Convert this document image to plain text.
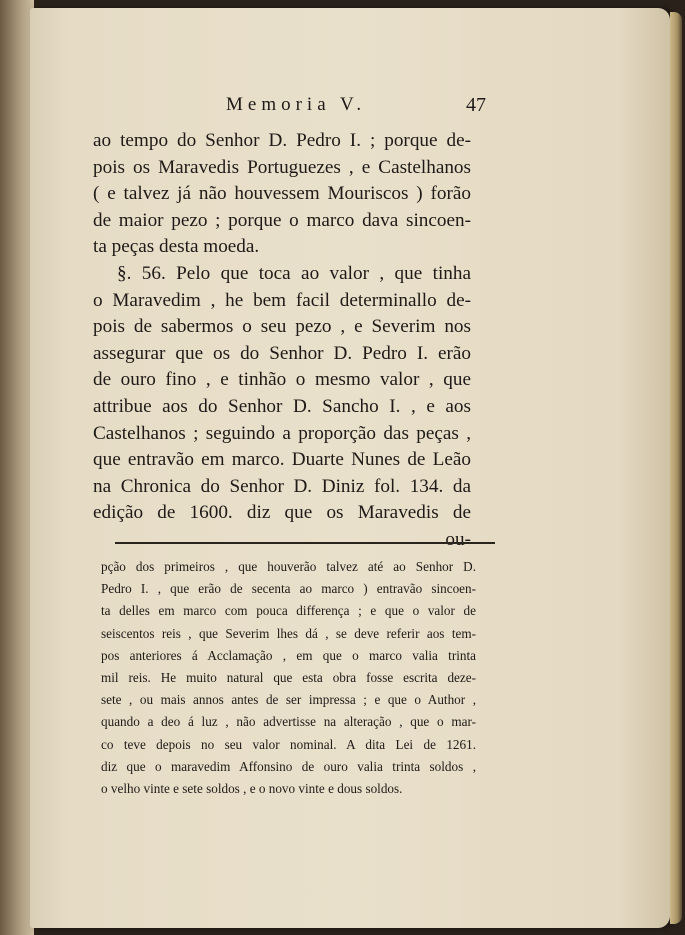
Memoria V.	47
ao tempo do Senhor D. Pedro I. ; porque de-
pois os Maravedis Portuguezes , e Castelhanos
( e talvez já não houvessem Mouriscos ) forão
de maior pezo ; porque o marco dava sincoen-
ta peças desta moeda.
§. 56. Pelo que toca ao valor , que tinha
o Maravedim , he bem facil determinallo de-
pois de sabermos o seu pezo , e Severim nos
assegurar que os do Senhor D. Pedro I. erão
de ouro fino , e tinhão o mesmo valor , que
attribue aos do Senhor D. Sancho I. , e aos
Castelhanos ; seguindo a proporção das peças ,
que entravão em marco. Duarte Nunes de Leão
na Chronica do Senhor D. Diniz fol. 134. da
edição de 1600. diz que os Maravedis de
ou-
pção dos primeiros , que houverão talvez até ao Senhor D.
Pedro I. , que erão de secenta ao marco ) entravão sincoen-
ta delles em marco com pouca differença ; e que o valor de
seiscentos reis , que Severim lhes dá , se deve referir aos tem-
pos anteriores á Acclamação , em que o marco valia trinta
mil reis. He muito natural que esta obra fosse escrita deze-
sete , ou mais annos antes de ser impressa ; e que o Author ,
quando a deo á luz , não advertisse na alteração , que o mar-
co teve depois no seu valor nominal. A dita Lei de 1261.
diz que o maravedim Affonsino de ouro valia trinta soldos ,
o velho vinte e sete soldos , e o novo vinte e dous soldos.
